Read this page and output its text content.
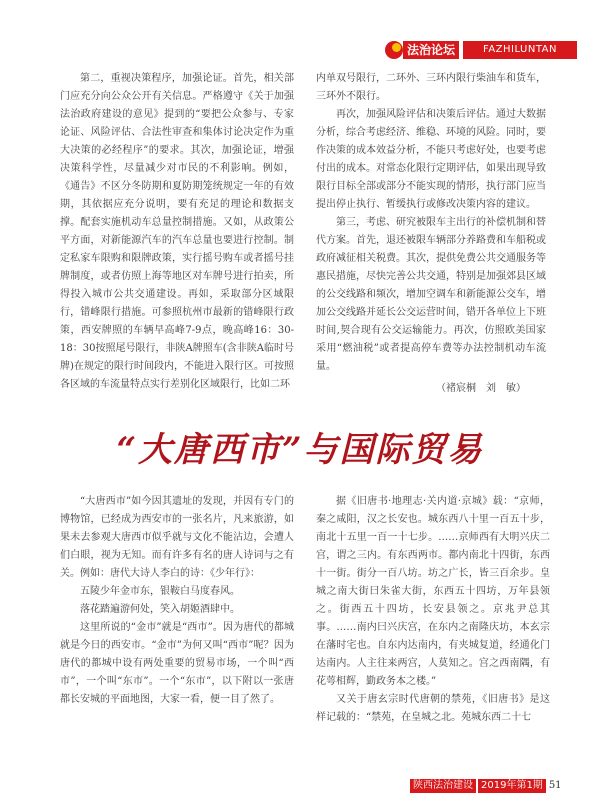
法治论坛	FAZHILUNTAN

第二，重视决策程序，加强论证。首先，相关部门应充分向公众公开有关信息。严格遵守《关于加强法治政府建设的意见》提到的“要把公众参与、专家论证、风险评估、合法性审查和集体讨论决定作为重大决策的必经程序”的要求。其次，加强论证，增强决策科学性，尽量减少对市民的不利影响。例如，《通告》不区分冬防期和夏防期笼统规定一年的有效期，其依据应充分说明，要有充足的理论和数据支撑。配套实施机动车总量控制措施。又如，从政策公平方面，对新能源汽车的汽车总量也要进行控制。制定私家车限购和限牌政策，实行摇号购车或者摇号挂牌制度，或者仿照上海等地区对车牌号进行拍卖，所得投入城市公共交通建设。再如，采取部分区域限行，错峰限行措施。可参照杭州市最新的错峰限行政策，西安牌照的车辆早高峰7-9点，晚高峰16：30-18：30按照尾号限行，非陕A牌照车(含非陕A临时号牌)在规定的限行时间段内，不能进入限行区。可按照各区域的车流量特点实行差别化区域限行，比如二环

内单双号限行，二环外、三环内限行柴油车和货车，三环外不限行。

再次，加强风险评估和决策后评估。通过大数据分析，综合考虑经济、维稳、环境的风险。同时，要作决策的成本效益分析，不能只考虑好处，也要考虑付出的成本。对常态化限行定期评估，如果出现导致限行目标全部或部分不能实现的情形，执行部门应当提出停止执行、暂缓执行或修改决策内容的建议。

第三，考虑、研究被限车主出行的补偿机制和替代方案。首先，退还被限车辆部分养路费和车船税或政府减征相关税费。其次，提供免费公共交通服务等惠民措施，尽快完善公共交通，特别是加强郊县区域的公交线路和频次，增加空调车和新能源公交车，增加公交线路并延长公交运营时间，错开各单位上下班时间,契合现有公交运输能力。再次，仿照欧美国家采用“燃油税”或者提高停车费等办法控制机动车流量。

（褚宸桐　刘　敏）

“大唐西市”与国际贸易

“大唐西市”如今因其遗址的发现，并因有专门的博物馆，已经成为西安市的一张名片，凡来旅游，如果未去参观大唐西市似乎就与文化不能沾边，会遭人们白眼，视为无知。而有许多有名的唐人诗词与之有关。例如：唐代大诗人李白的诗：《少年行》：

五陵少年金市东，银鞍白马度春风。

落花踏遍游何处，笑入胡姬酒肆中。

这里所说的“金市”就是“西市”。因为唐代的都城就是今日的西安市。“金市”为何又叫“西市”呢？因为唐代的都城中设有两处重要的贸易市场，一个叫“西市”，一个叫“东市”。一个“东市”，以下附以一张唐都长安城的平面地图，大家一看，便一目了然了。

据《旧唐书·地理志·关内道·京城》载：“京师，秦之咸阳，汉之长安也。城东西八十里一百五十步，南北十五里一百一十七步。……京师西有大明兴庆二宫，谓之三内。有东西两市。都内南北十四街，东西十一街。街分一百八坊。坊之广长，皆三百余步。皇城之南大街曰朱雀大街，东西五十四坊，万年县领之。街西五十四坊，长安县领之。京兆尹总其事。……南内曰兴庆宫，在东内之南隆庆坊，本玄宗在藩时宅也。自东内达南内，有夹城复道，经通化门达南内。人主往来两宫，人莫知之。宫之西南隅，有花萼相辉，勤政务本之楼。”

又关于唐玄宗时代唐朝的禁苑，《旧唐书》是这样记载的：“禁苑，在皇城之北。苑城东西二十七

陕西法治建设 2019年第1期 51
